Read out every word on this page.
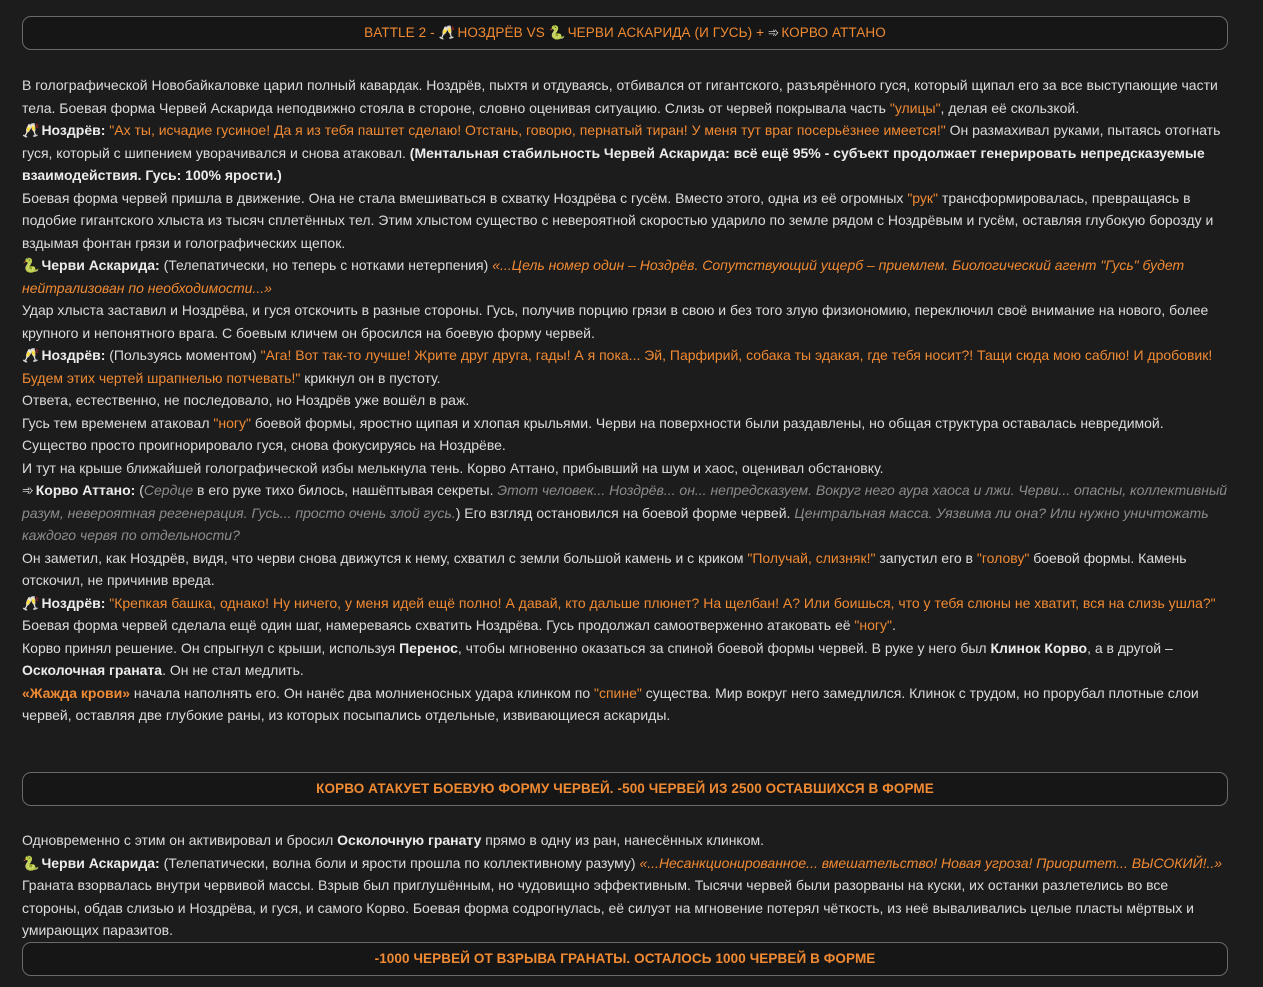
BATTLE 2 -
🥂 НОЗДРЁВ VS
🐍 ЧЕРВИ АСКАРИДА (И ГУСЬ) +
➾ КОРВО АТТАНО

В голографической Новобайкаловке царил полный кавардак. Ноздрёв, пыхтя и отдуваясь, отбивался от гигантского, разъярённого гуся, который щипал его за все выступающие части тела. Боевая форма Червей Аскарида неподвижно стояла в стороне, словно оценивая ситуацию. Слизь от червей покрывала часть "улицы", делая её скользкой.

🥂 Ноздрёв: "Ах ты, исчадие гусиное! Да я из тебя паштет сделаю! Отстань, говорю, пернатый тиран! У меня тут враг посерьёзнее имеется!" Он размахивал руками, пытаясь отогнать гуся, который с шипением уворачивался и снова атаковал. (Ментальная стабильность Червей Аскарида: всё ещё 95% - субъект продолжает генерировать непредсказуемые взаимодействия. Гусь: 100% ярости.)

Боевая форма червей пришла в движение. Она не стала вмешиваться в схватку Ноздрёва с гусём. Вместо этого, одна из её огромных "рук" трансформировалась, превращаясь в подобие гигантского хлыста из тысяч сплетённых тел. Этим хлыстом существо с невероятной скоростью ударило по земле рядом с Ноздрёвым и гусём, оставляя глубокую борозду и вздымая фонтан грязи и голографических щепок.

🐍 Черви Аскарида: (Телепатически, но теперь с нотками нетерпения) «...Цель номер один – Ноздрёв. Сопутствующий ущерб – приемлем. Биологический агент "Гусь" будет нейтрализован по необходимости...»

Удар хлыста заставил и Ноздрёва, и гуся отскочить в разные стороны. Гусь, получив порцию грязи в свою и без того злую физиономию, переключил своё внимание на нового, более крупного и непонятного врага. С боевым кличем он бросился на боевую форму червей.

🥂 Ноздрёв: (Пользуясь моментом) "Ага! Вот так-то лучше! Жрите друг друга, гады! А я пока... Эй, Парфирий, собака ты эдакая, где тебя носит?! Тащи сюда мою саблю! И дробовик! Будем этих чертей шрапнелью потчевать!" крикнул он в пустоту.

Ответа, естественно, не последовало, но Ноздрёв уже вошёл в раж.

Гусь тем временем атаковал "ногу" боевой формы, яростно щипая и хлопая крыльями. Черви на поверхности были раздавлены, но общая структура оставалась невредимой. Существо просто проигнорировало гуся, снова фокусируясь на Ноздрёве.

И тут на крыше ближайшей голографической избы мелькнула тень. Корво Аттано, прибывший на шум и хаос, оценивал обстановку.

➾ Корво Аттано: (Сердце в его руке тихо билось, нашёптывая секреты. Этот человек... Ноздрёв... он... непредсказуем. Вокруг него аура хаоса и лжи. Черви... опасны, коллективный разум, невероятная регенерация. Гусь... просто очень злой гусь.) Его взгляд остановился на боевой форме червей. Центральная масса. Уязвима ли она? Или нужно уничтожать каждого червя по отдельности?

Он заметил, как Ноздрёв, видя, что черви снова движутся к нему, схватил с земли большой камень и с криком "Получай, слизняк!" запустил его в "голову" боевой формы. Камень отскочил, не причинив вреда.

🥂 Ноздрёв: "Крепкая башка, однако! Ну ничего, у меня идей ещё полно! А давай, кто дальше плюнет? На щелбан! А? Или боишься, что у тебя слюны не хватит, вся на слизь ушла?"

Боевая форма червей сделала ещё один шаг, намереваясь схватить Ноздрёва. Гусь продолжал самоотверженно атаковать её "ногу".

Корво принял решение. Он спрыгнул с крыши, используя Перенос, чтобы мгновенно оказаться за спиной боевой формы червей. В руке у него был Клинок Корво, а в другой – Осколочная граната. Он не стал медлить.

«Жажда крови» начала наполнять его. Он нанёс два молниеносных удара клинком по "спине" существа. Мир вокруг него замедлился. Клинок с трудом, но прорубал плотные слои червей, оставляя две глубокие раны, из которых посыпались отдельные, извивающиеся аскариды.

КОРВО АТАКУЕТ БОЕВУЮ ФОРМУ ЧЕРВЕЙ. -500 ЧЕРВЕЙ ИЗ 2500 ОСТАВШИХСЯ В ФОРМЕ

Одновременно с этим он активировал и бросил Осколочную гранату прямо в одну из ран, нанесённых клинком.

🐍 Черви Аскарида: (Телепатически, волна боли и ярости прошла по коллективному разуму) «...Несанкционированное... вмешательство! Новая угроза! Приоритет... ВЫСОКИЙ!..»

Граната взорвалась внутри червивой массы. Взрыв был приглушённым, но чудовищно эффективным. Тысячи червей были разорваны на куски, их останки разлетелись во все стороны, обдав слизью и Ноздрёва, и гуся, и самого Корво. Боевая форма содрогнулась, её силуэт на мгновение потерял чёткость, из неё вываливались целые пласты мёртвых и умирающих паразитов.

-1000 ЧЕРВЕЙ ОТ ВЗРЫВА ГРАНАТЫ. ОСТАЛОСЬ 1000 ЧЕРВЕЙ В ФОРМЕ
